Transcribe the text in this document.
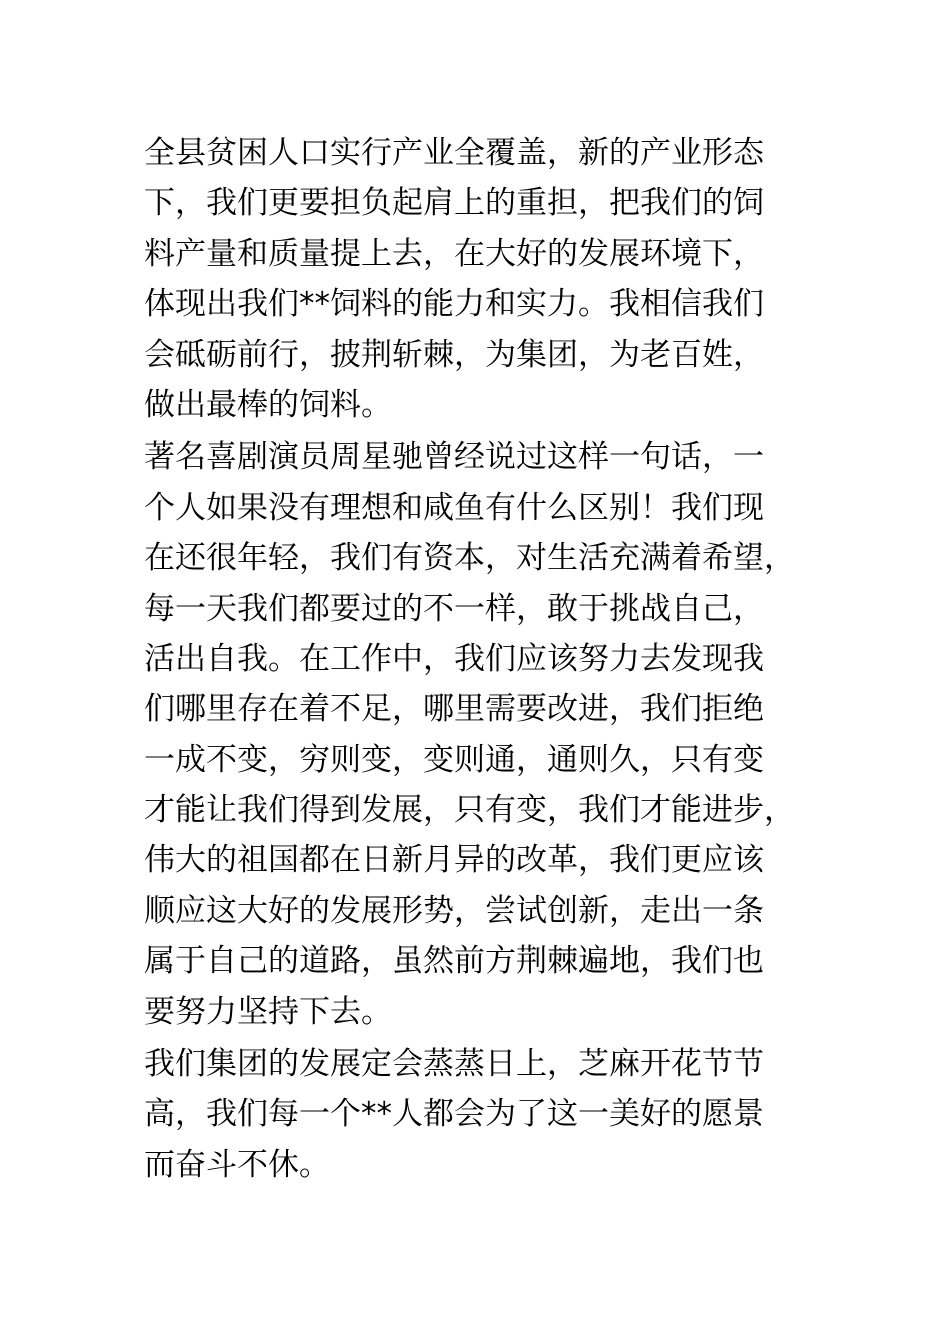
全县贫困人口实行产业全覆盖，新的产业形态
下，我们更要担负起肩上的重担，把我们的饲
料产量和质量提上去，在大好的发展环境下，
体现出我们**饲料的能力和实力。我相信我们
会砥砺前行，披荆斩棘，为集团，为老百姓，
做出最棒的饲料。
著名喜剧演员周星驰曾经说过这样一句话，一
个人如果没有理想和咸鱼有什么区别！我们现
在还很年轻，我们有资本，对生活充满着希望，
每一天我们都要过的不一样，敢于挑战自己，
活出自我。在工作中，我们应该努力去发现我
们哪里存在着不足，哪里需要改进，我们拒绝
一成不变，穷则变，变则通，通则久，只有变
才能让我们得到发展，只有变，我们才能进步，
伟大的祖国都在日新月异的改革，我们更应该
顺应这大好的发展形势，尝试创新，走出一条
属于自己的道路，虽然前方荆棘遍地，我们也
要努力坚持下去。
我们集团的发展定会蒸蒸日上，芝麻开花节节
高，我们每一个**人都会为了这一美好的愿景
而奋斗不休。
